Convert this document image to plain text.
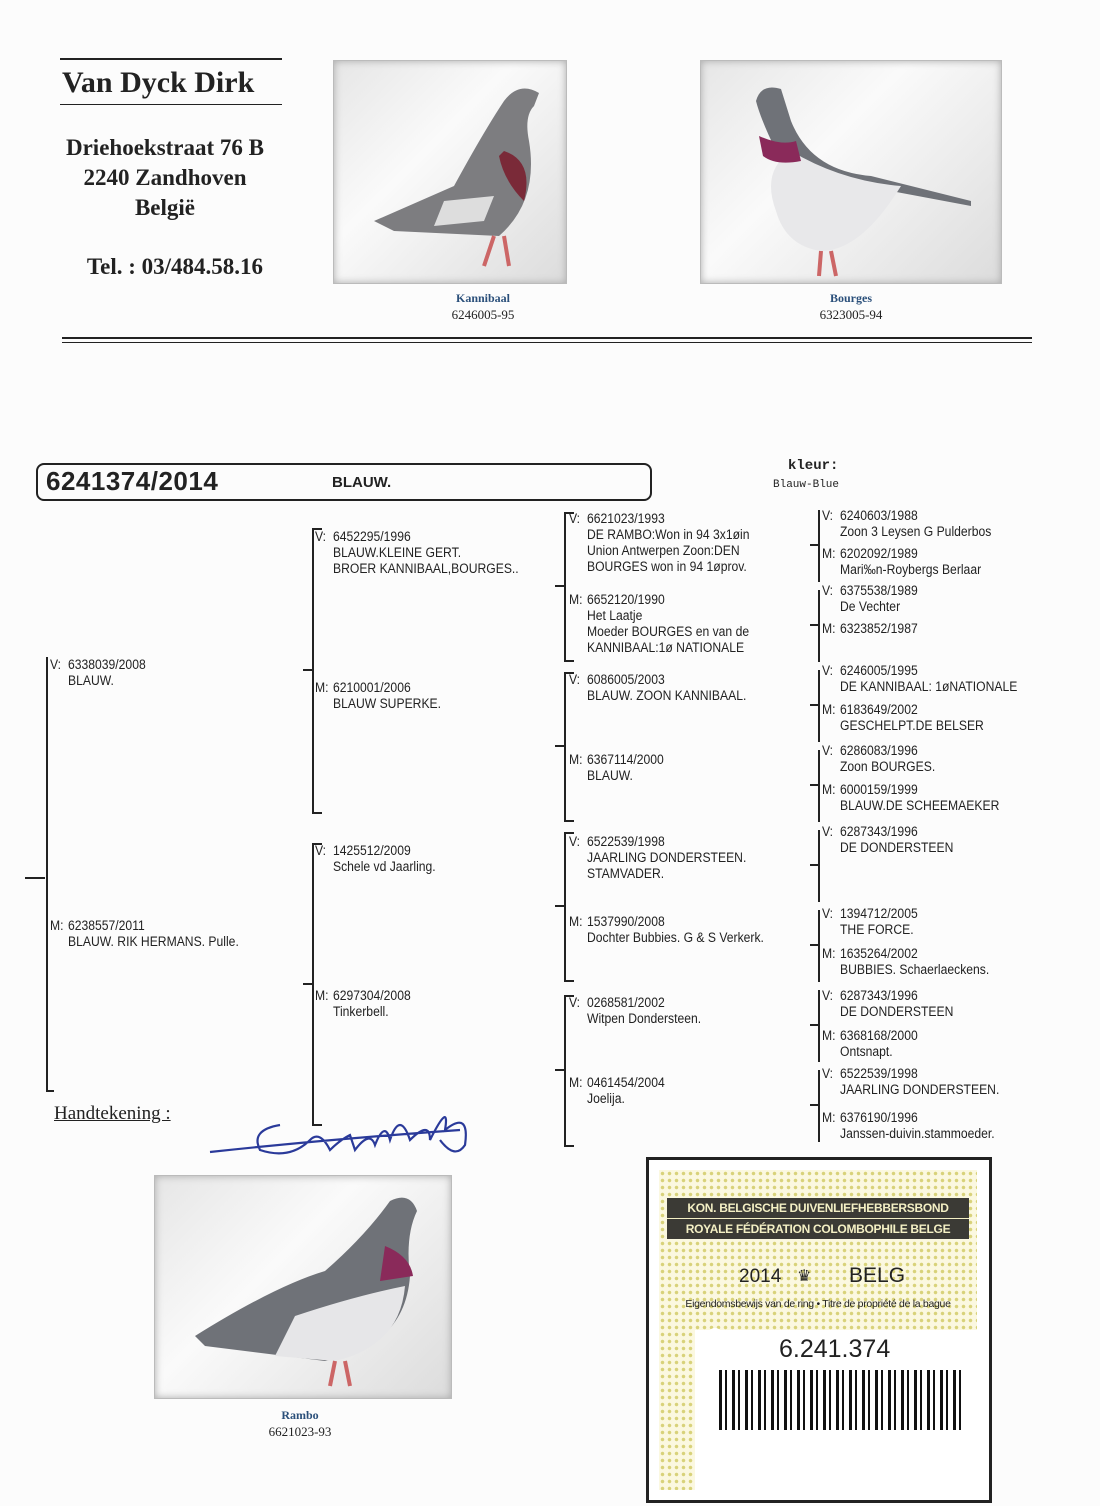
Van Dyck Dirk
Driehoekstraat 76 B
2240 Zandhoven
België
Tel. : 03/484.58.16
Kannibaal
6246005-95
Bourges
6323005-94
6241374/2014	BLAUW.
kleur:
Blauw-Blue
V: 6338039/2008
BLAUW.
M: 6238557/2011
BLAUW. RIK HERMANS. Pulle.
V: 6452295/1996
BLAUW.KLEINE GERT.
BROER KANNIBAAL,BOURGES..
M: 6210001/2006
BLAUW SUPERKE.
V: 1425512/2009
Schele vd Jaarling.
M: 6297304/2008
Tinkerbell.
V: 6621023/1993
DE RAMBO:Won in 94 3x1øin
Union Antwerpen Zoon:DEN
BOURGES won in 94 1øprov.
M: 6652120/1990
Het Laatje
Moeder BOURGES en van de
KANNIBAAL:1ø NATIONALE
V: 6086005/2003
BLAUW. ZOON KANNIBAAL.
M: 6367114/2000
BLAUW.
V: 6522539/1998
JAARLING DONDERSTEEN.
STAMVADER.
M: 1537990/2008
Dochter Bubbies. G & S Verkerk.
V: 0268581/2002
Witpen Dondersteen.
M: 0461454/2004
Joelija.
V: 6240603/1988
Zoon 3 Leysen G Pulderbos
M: 6202092/1989
Mari‰n-Roybergs Berlaar
V: 6375538/1989
De Vechter
M: 6323852/1987
V: 6246005/1995
DE KANNIBAAL: 1øNATIONALE
M: 6183649/2002
GESCHELPT.DE BELSER
V: 6286083/1996
Zoon BOURGES.
M: 6000159/1999
BLAUW.DE SCHEEMAEKER
V: 6287343/1996
DE DONDERSTEEN
V: 1394712/2005
THE FORCE.
M: 1635264/2002
BUBBIES. Schaerlaeckens.
V: 6287343/1996
DE DONDERSTEEN
M: 6368168/2000
Ontsnapt.
V: 6522539/1998
JAARLING DONDERSTEEN.
M: 6376190/1996
Janssen-duivin.stammoeder.
Handtekening :
Rambo
6621023-93
KON. BELGISCHE DUIVENLIEFHEBBERSBOND
ROYALE FÉDÉRATION COLOMBOPHILE BELGE
2014 ♛ BELG
Eigendomsbewijs van de ring • Titre de propriété de la bague
6.241.374
